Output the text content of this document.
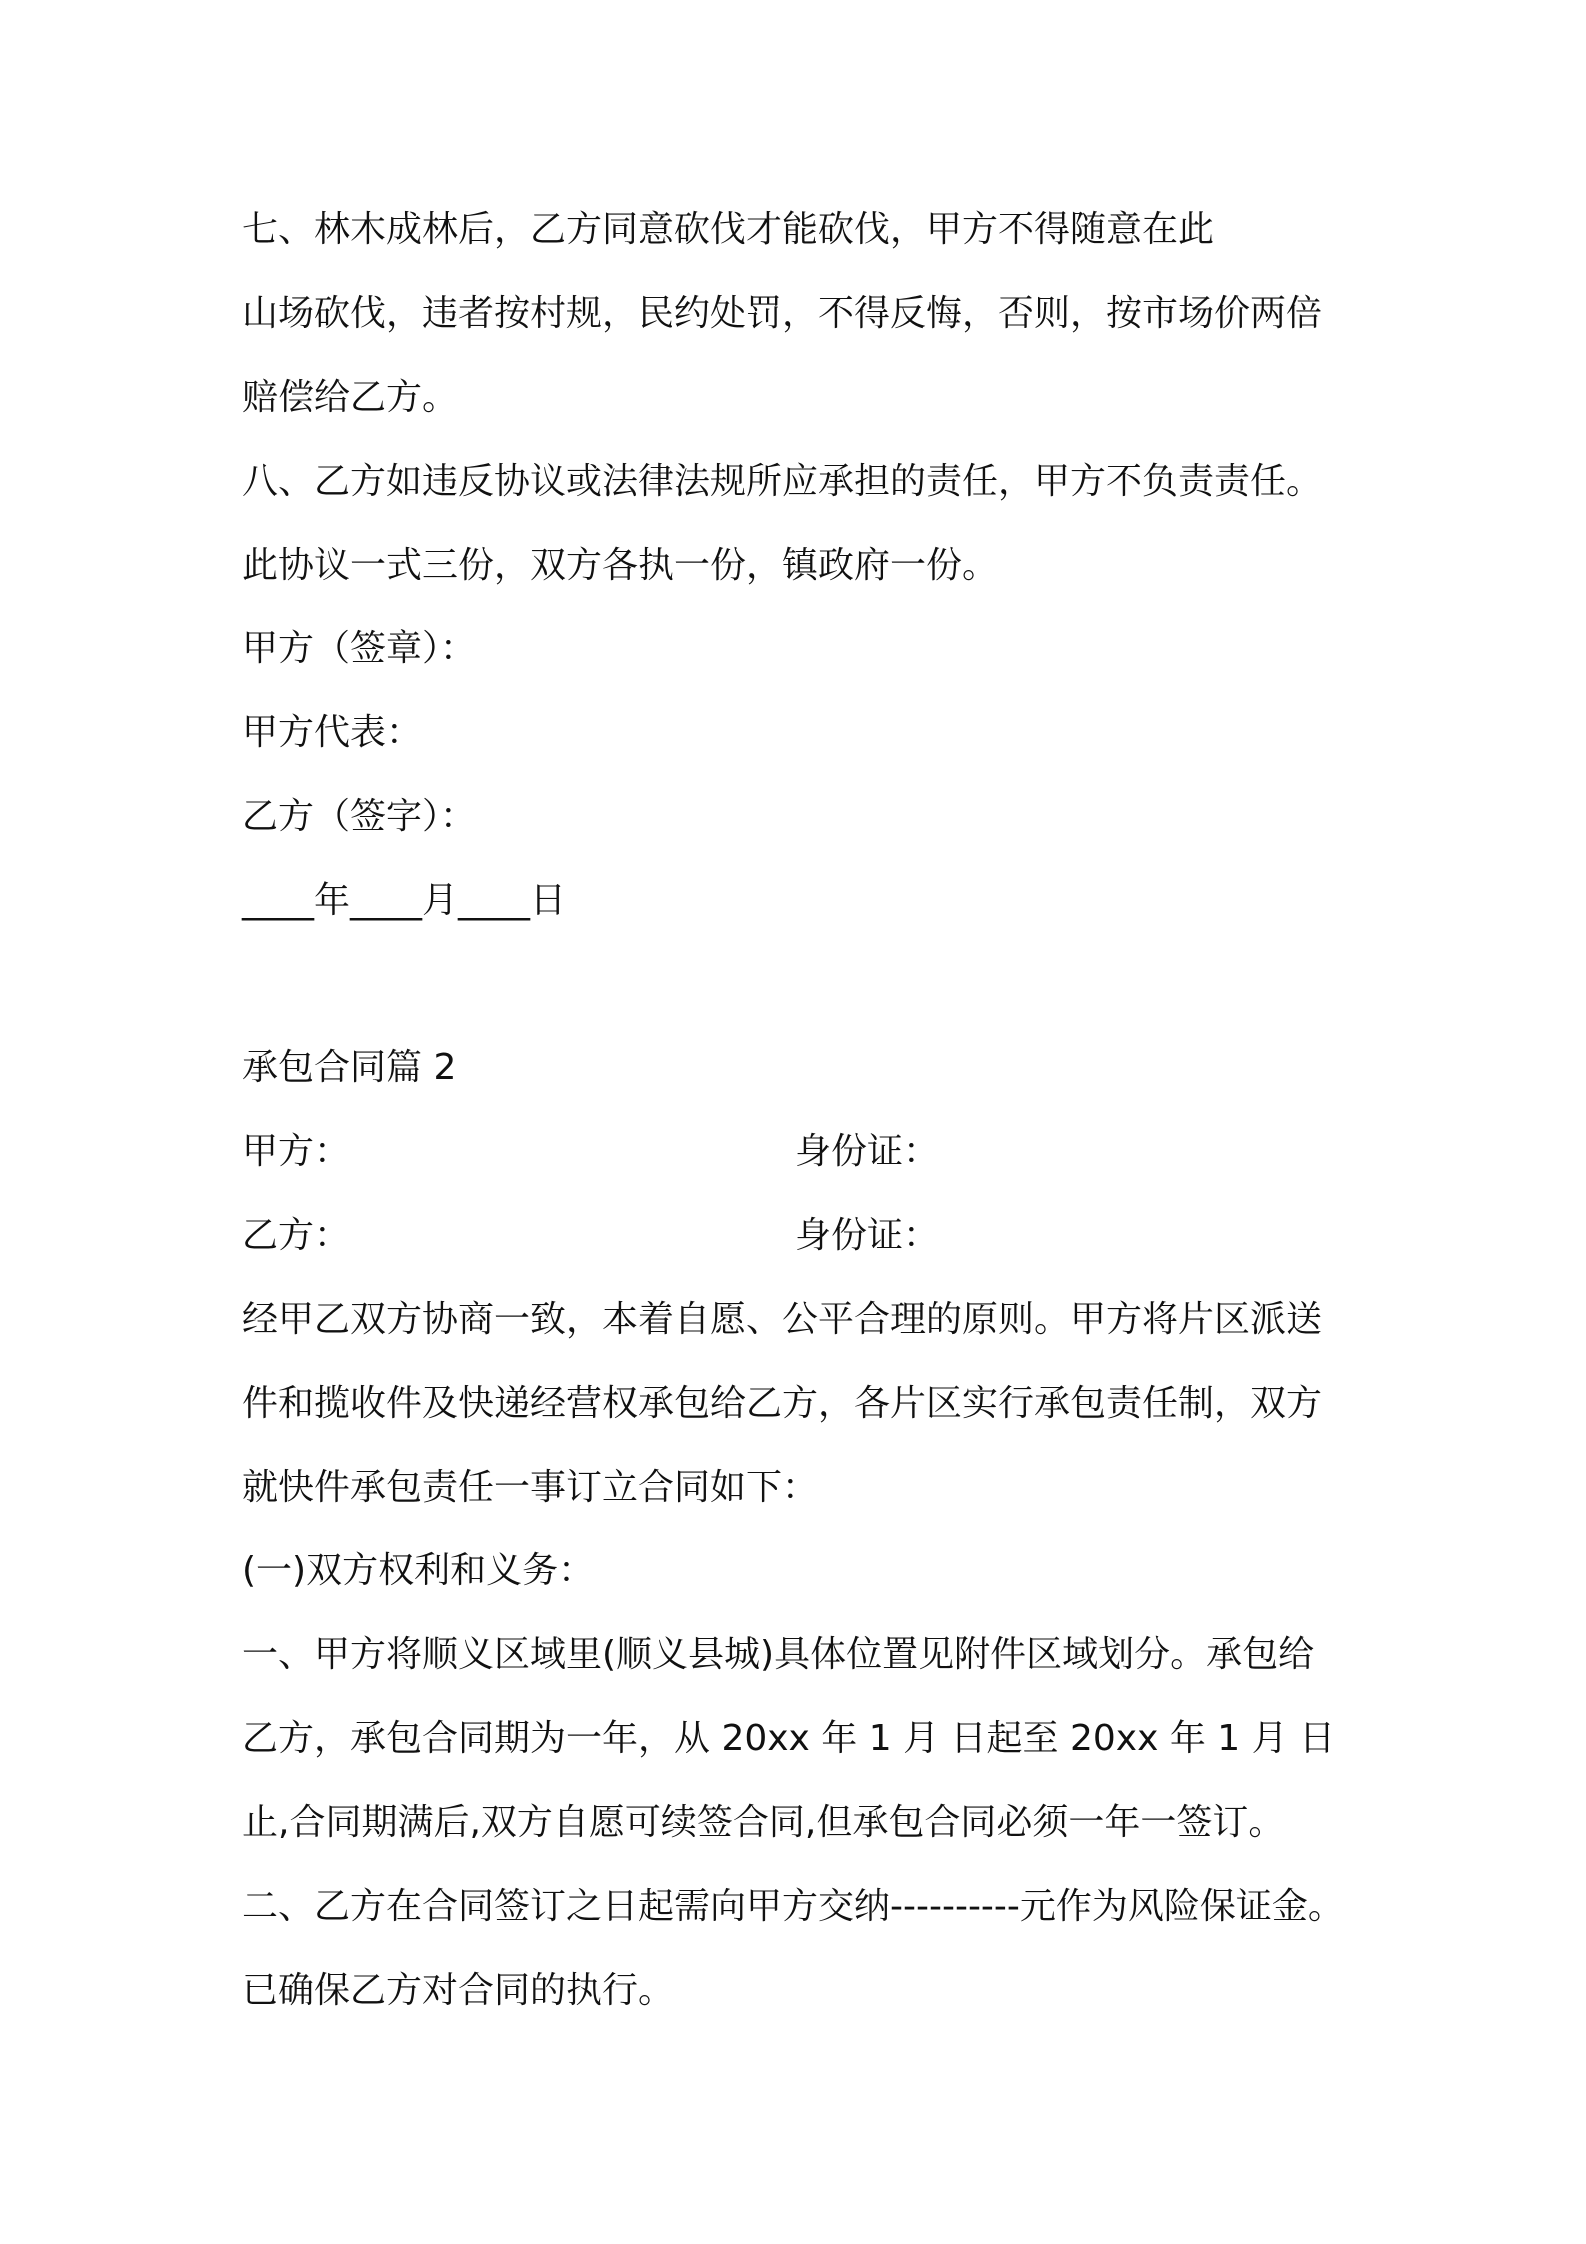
七、林木成林后，乙方同意砍伐才能砍伐，甲方不得随意在此

山场砍伐，违者按村规，民约处罚，不得反悔，否则，按市场价两倍

赔偿给乙方。

八、乙方如违反协议或法律法规所应承担的责任，甲方不负责责任。

此协议一式三份，双方各执一份，镇政府一份。

甲方（签章）：

甲方代表：

乙方（签字）：

____年____月____日

承包合同篇 2

甲方：	身份证：

乙方：	身份证：

经甲乙双方协商一致，本着自愿、公平合理的原则。甲方将片区派送

件和揽收件及快递经营权承包给乙方，各片区实行承包责任制，双方

就快件承包责任一事订立合同如下：

(一)双方权利和义务：

一、甲方将顺义区域里(顺义县城)具体位置见附件区域划分。承包给

乙方，承包合同期为一年，从 20xx 年 1 月 日起至 20xx 年 1 月 日

止,合同期满后,双方自愿可续签合同,但承包合同必须一年一签订。

二、乙方在合同签订之日起需向甲方交纳----------元作为风险保证金。

已确保乙方对合同的执行。
